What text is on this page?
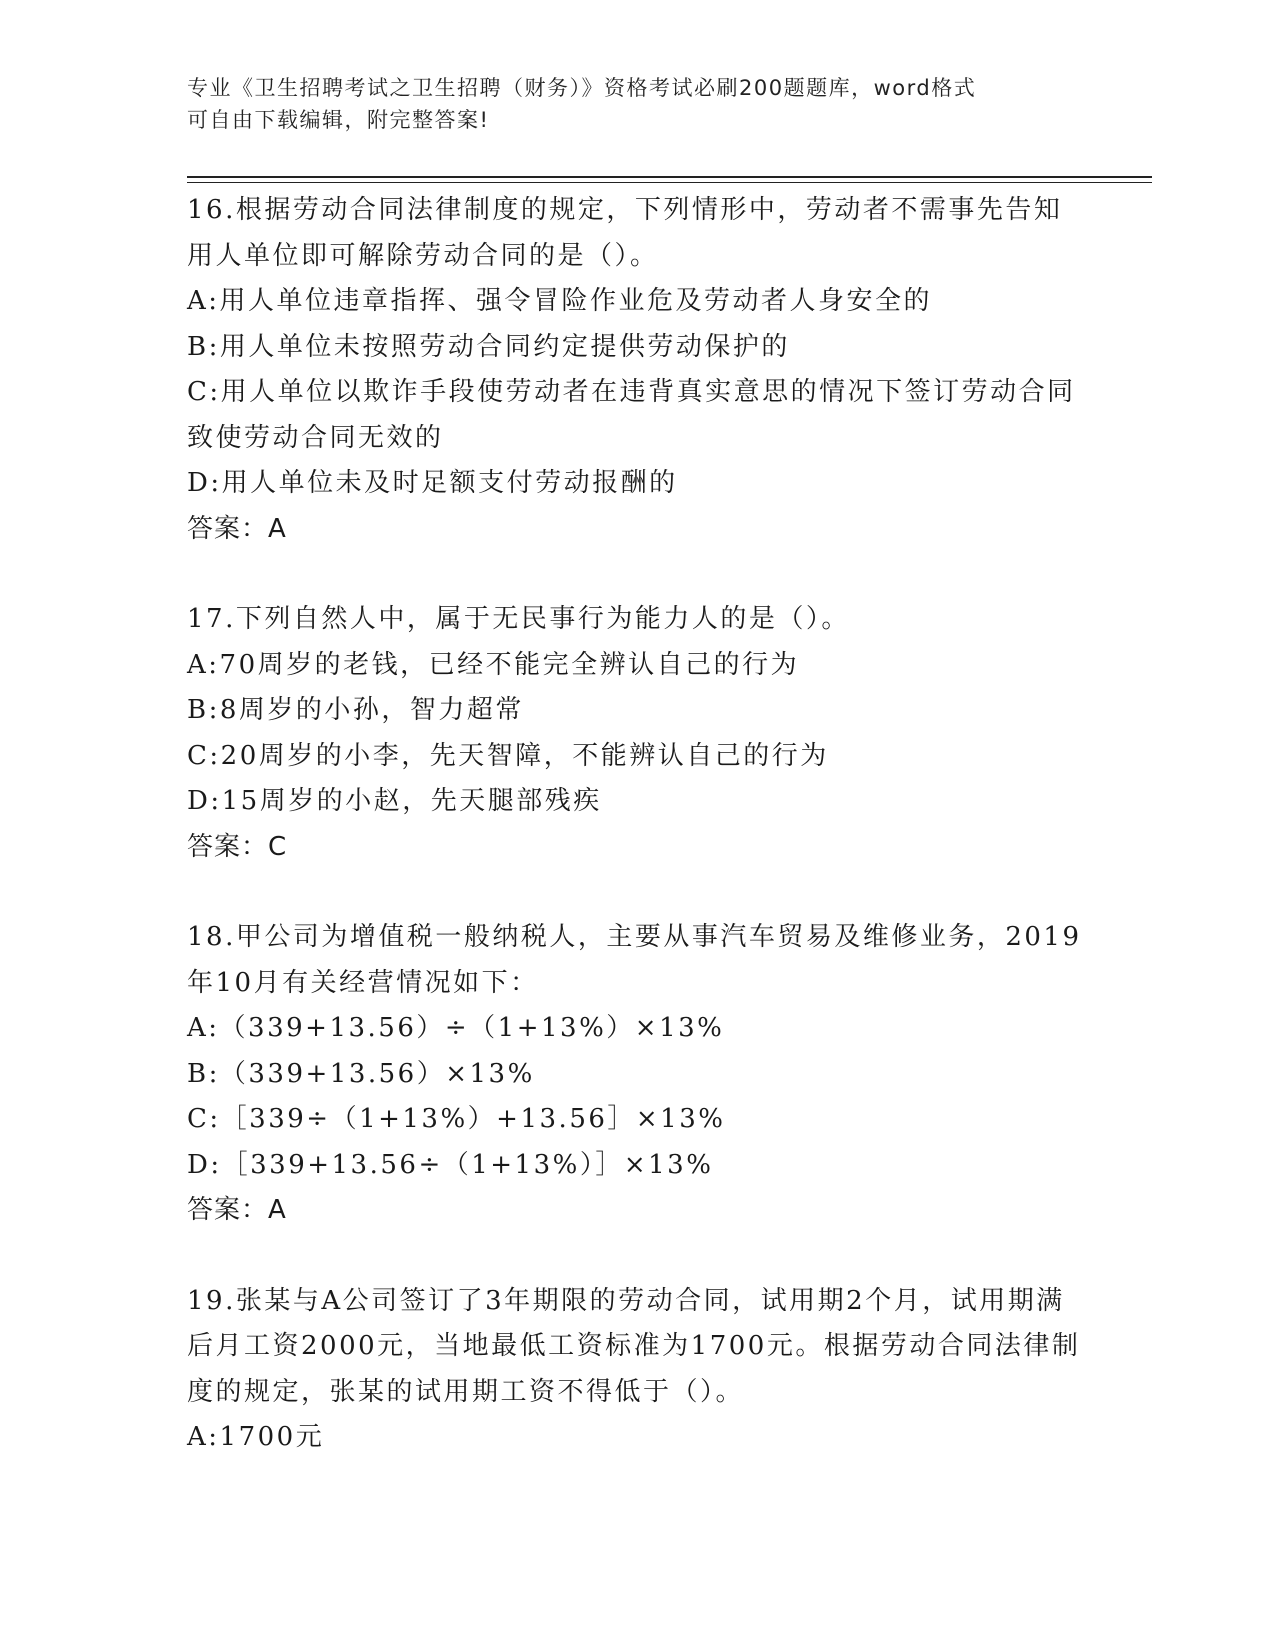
专业《卫生招聘考试之卫生招聘（财务）》资格考试必刷200题题库，word格式
可自由下载编辑，附完整答案!

16.根据劳动合同法律制度的规定，下列情形中，劳动者不需事先告知用人单位即可解除劳动合同的是（）。

A:用人单位违章指挥、强令冒险作业危及劳动者人身安全的

B:用人单位未按照劳动合同约定提供劳动保护的

C:用人单位以欺诈手段使劳动者在违背真实意思的情况下签订劳动合同致使劳动合同无效的

D:用人单位未及时足额支付劳动报酬的

答案：A

17.下列自然人中，属于无民事行为能力人的是（）。

A:70周岁的老钱，已经不能完全辨认自己的行为

B:8周岁的小孙，智力超常

C:20周岁的小李，先天智障，不能辨认自己的行为

D:15周岁的小赵，先天腿部残疾

答案：C

18.甲公司为增值税一般纳税人，主要从事汽车贸易及维修业务，2019年10月有关经营情况如下：

A:（339+13.56）÷（1+13%）×13%

B:（339+13.56）×13%

C:［339÷（1+13%）+13.56］×13%

D:［339+13.56÷（1+13%）］×13%

答案：A

19.张某与A公司签订了3年期限的劳动合同，试用期2个月，试用期满后月工资2000元，当地最低工资标准为1700元。根据劳动合同法律制度的规定，张某的试用期工资不得低于（）。

A:1700元
